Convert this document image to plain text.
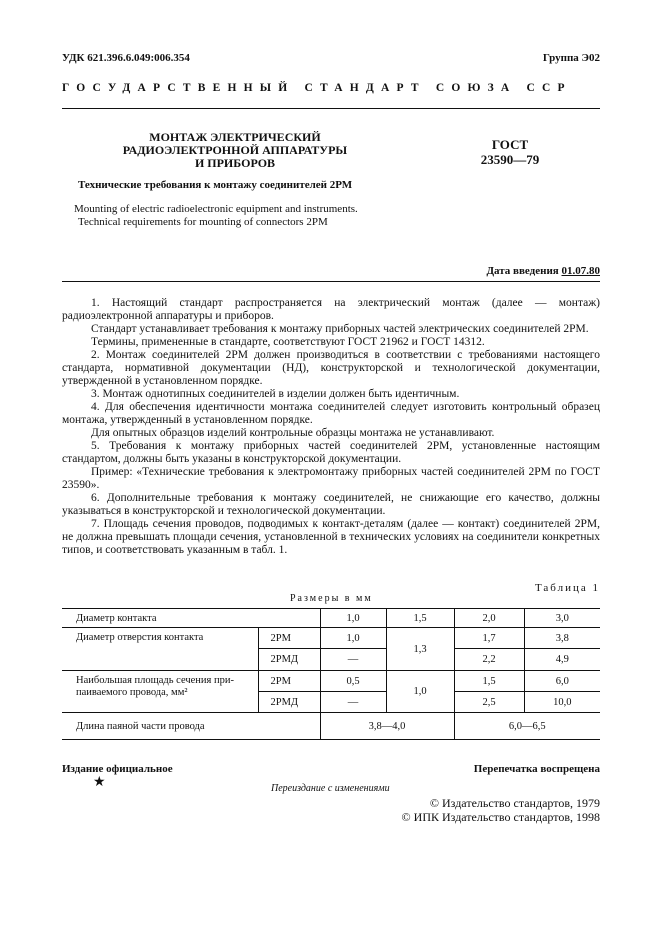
УДК 621.396.6.049:006.354	Группа Э02
ГОСУДАРСТВЕННЫЙ СТАНДАРТ СОЮЗА ССР
МОНТАЖ ЭЛЕКТРИЧЕСКИЙ
РАДИОЭЛЕКТРОННОЙ АППАРАТУРЫ
И ПРИБОРОВ
ГОСТ
23590—79
Технические требования к монтажу соединителей 2РМ
Mounting of electric radioelectronic equipment and instruments.
Technical requirements for mounting of connectors 2PM
Дата введения 01.07.80

1. Настоящий стандарт распространяется на электрический монтаж (далее — монтаж) радиоэлектронной аппаратуры и приборов.

Стандарт устанавливает требования к монтажу приборных частей электрических соединителей 2РМ.

Термины, примененные в стандарте, соответствуют ГОСТ 21962 и ГОСТ 14312.

2. Монтаж соединителей 2РМ должен производиться в соответствии с требованиями настоящего стандарта, нормативной документации (НД), конструкторской и технологической документации, утвержденной в установленном порядке.

3. Монтаж однотипных соединителей в изделии должен быть идентичным.

4. Для обеспечения идентичности монтажа соединителей следует изготовить контрольный образец монтажа, утвержденный в установленном порядке.

Для опытных образцов изделий контрольные образцы монтажа не устанавливают.

5. Требования к монтажу приборных частей соединителей 2РМ, установленные настоящим стандартом, должны быть указаны в конструкторской документации.

Пример: «Технические требования к электромонтажу приборных частей соединителей 2РМ по ГОСТ 23590».

6. Дополнительные требования к монтажу соединителей, не снижающие его качество, должны указываться в конструкторской и технологической документации.

7. Площадь сечения проводов, подводимых к контакт-деталям (далее — контакт) соединителей 2РМ, не должна превышать площади сечения, установленной в технических условиях на соединители конкретных типов, и соответствовать указанным в табл. 1.

Таблица 1
Размеры в мм
Диаметр контакта		1,0	1,5	2,0	3,0
Диаметр отверстия контакта	2РМ	1,0	1,3	1,7	3,8
	2РМД	—		2,2	4,9

Наибольшая площадь сечения при-
паиваемого провода, мм²	2РМ	0,5	1,0	1,5	6,0
	2РМД	—		2,5	10,0
Длина паяной части провода		3,8—4,0		6,0—6,5	
Издание официальное	Перепечатка воспрещена
★	Переиздание с изменениями
© Издательство стандартов, 1979
© ИПК Издательство стандартов, 1998
